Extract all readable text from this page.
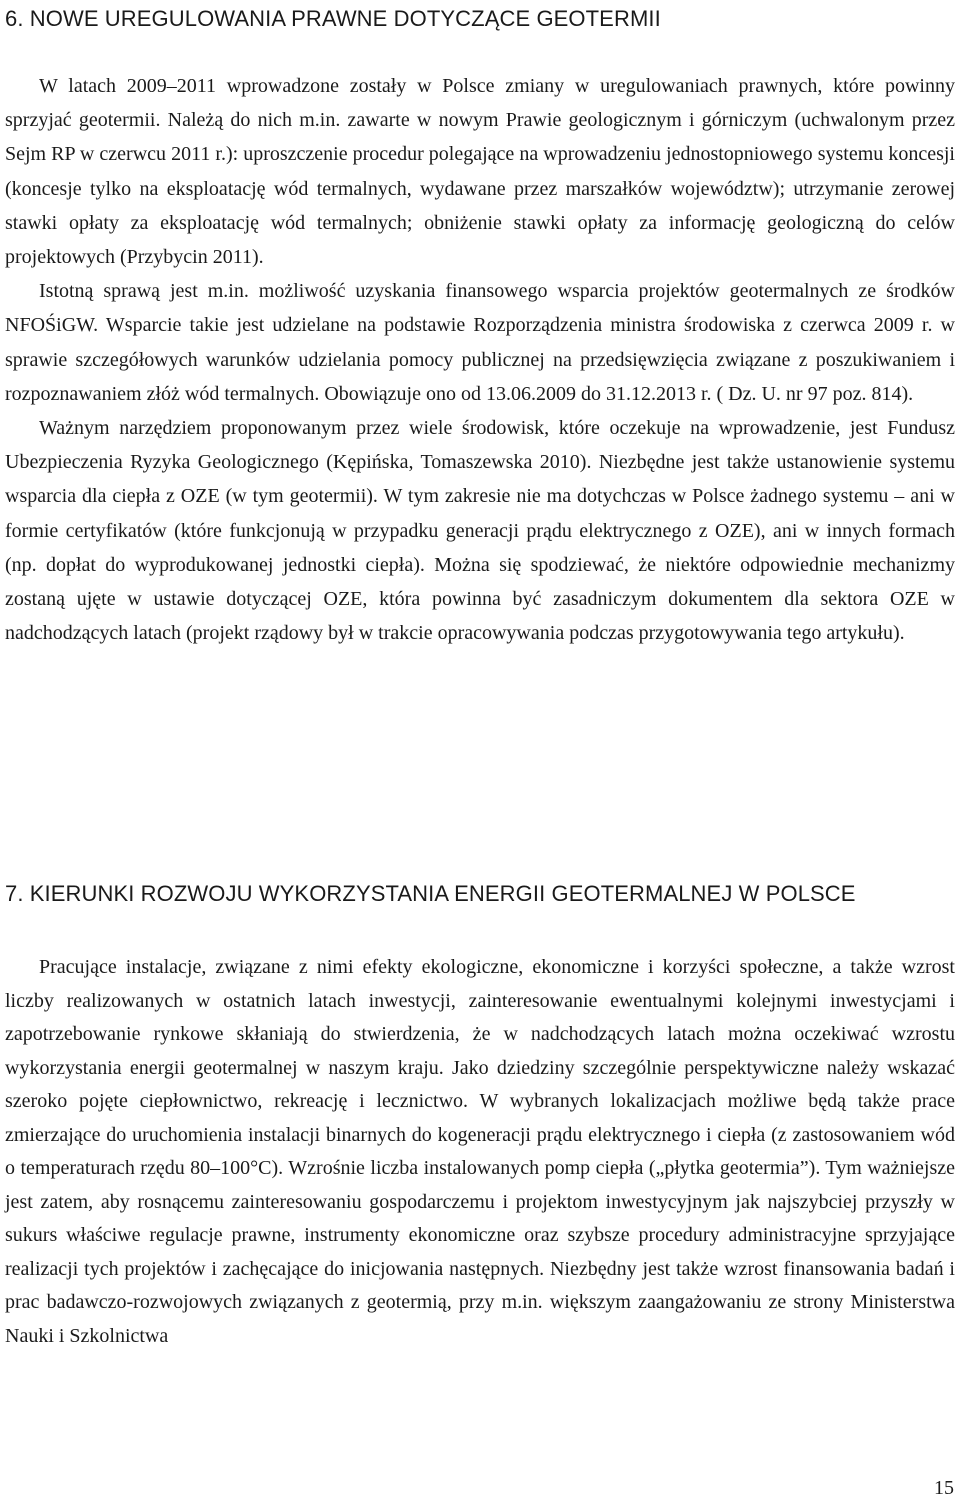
6. NOWE UREGULOWANIA PRAWNE DOTYCZĄCE GEOTERMII

W latach 2009–2011 wprowadzone zostały w Polsce zmiany w uregulowaniach prawnych, które powinny sprzyjać geotermii. Należą do nich m.in. zawarte w nowym Prawie geologicznym i górniczym (uchwalonym przez Sejm RP w czerwcu 2011 r.): uproszczenie procedur polegające na wprowadzeniu jednostopniowego systemu koncesji (koncesje tylko na eksploatację wód termalnych, wydawane przez marszałków województw); utrzymanie zerowej stawki opłaty za eksploatację wód termalnych; obniżenie stawki opłaty za informację geologiczną do celów projektowych (Przybycin 2011).

Istotną sprawą jest m.in. możliwość uzyskania finansowego wsparcia projektów geotermalnych ze środków NFOŚiGW. Wsparcie takie jest udzielane na podstawie Rozporządzenia ministra środowiska z czerwca 2009 r. w sprawie szczegółowych warunków udzielania pomocy publicznej na przedsięwzięcia związane z poszukiwaniem i rozpoznawaniem złóż wód termalnych. Obowiązuje ono od 13.06.2009 do 31.12.2013 r. ( Dz. U. nr 97 poz. 814).

Ważnym narzędziem proponowanym przez wiele środowisk, które oczekuje na wprowadzenie, jest Fundusz Ubezpieczenia Ryzyka Geologicznego (Kępińska, Tomaszewska 2010). Niezbędne jest także ustanowienie systemu wsparcia dla ciepła z OZE (w tym geotermii). W tym zakresie nie ma dotychczas w Polsce żadnego systemu – ani w formie certyfikatów (które funkcjonują w przypadku generacji prądu elektrycznego z OZE), ani w innych formach (np. dopłat do wyprodukowanej jednostki ciepła). Można się spodziewać, że niektóre odpowiednie mechanizmy zostaną ujęte w ustawie dotyczącej OZE, która powinna być zasadniczym dokumentem dla sektora OZE w nadchodzących latach (projekt rządowy był w trakcie opracowywania podczas przygotowywania tego artykułu).

7. KIERUNKI ROZWOJU WYKORZYSTANIA ENERGII GEOTERMALNEJ W POLSCE

Pracujące instalacje, związane z nimi efekty ekologiczne, ekonomiczne i korzyści społeczne, a także wzrost liczby realizowanych w ostatnich latach inwestycji, zainteresowanie ewentualnymi kolejnymi inwestycjami i zapotrzebowanie rynkowe skłaniają do stwierdzenia, że w nadchodzących latach można oczekiwać wzrostu wykorzystania energii geotermalnej w naszym kraju. Jako dziedziny szczególnie perspektywiczne należy wskazać szeroko pojęte ciepłownictwo, rekreację i lecznictwo. W wybranych lokalizacjach możliwe będą także prace zmierzające do uruchomienia instalacji binarnych do kogeneracji prądu elektrycznego i ciepła (z zastosowaniem wód o temperaturach rzędu 80–100°C). Wzrośnie liczba instalowanych pomp ciepła („płytka geotermia”). Tym ważniejsze jest zatem, aby rosnącemu zainteresowaniu gospodarczemu i projektom inwestycyjnym jak najszybciej przyszły w sukurs właściwe regulacje prawne, instrumenty ekonomiczne oraz szybsze procedury administracyjne sprzyjające realizacji tych projektów i zachęcające do inicjowania następnych. Niezbędny jest także wzrost finansowania badań i prac badawczo-rozwojowych związanych z geotermią, przy m.in. większym zaangażowaniu ze strony Ministerstwa Nauki i Szkolnictwa

15
